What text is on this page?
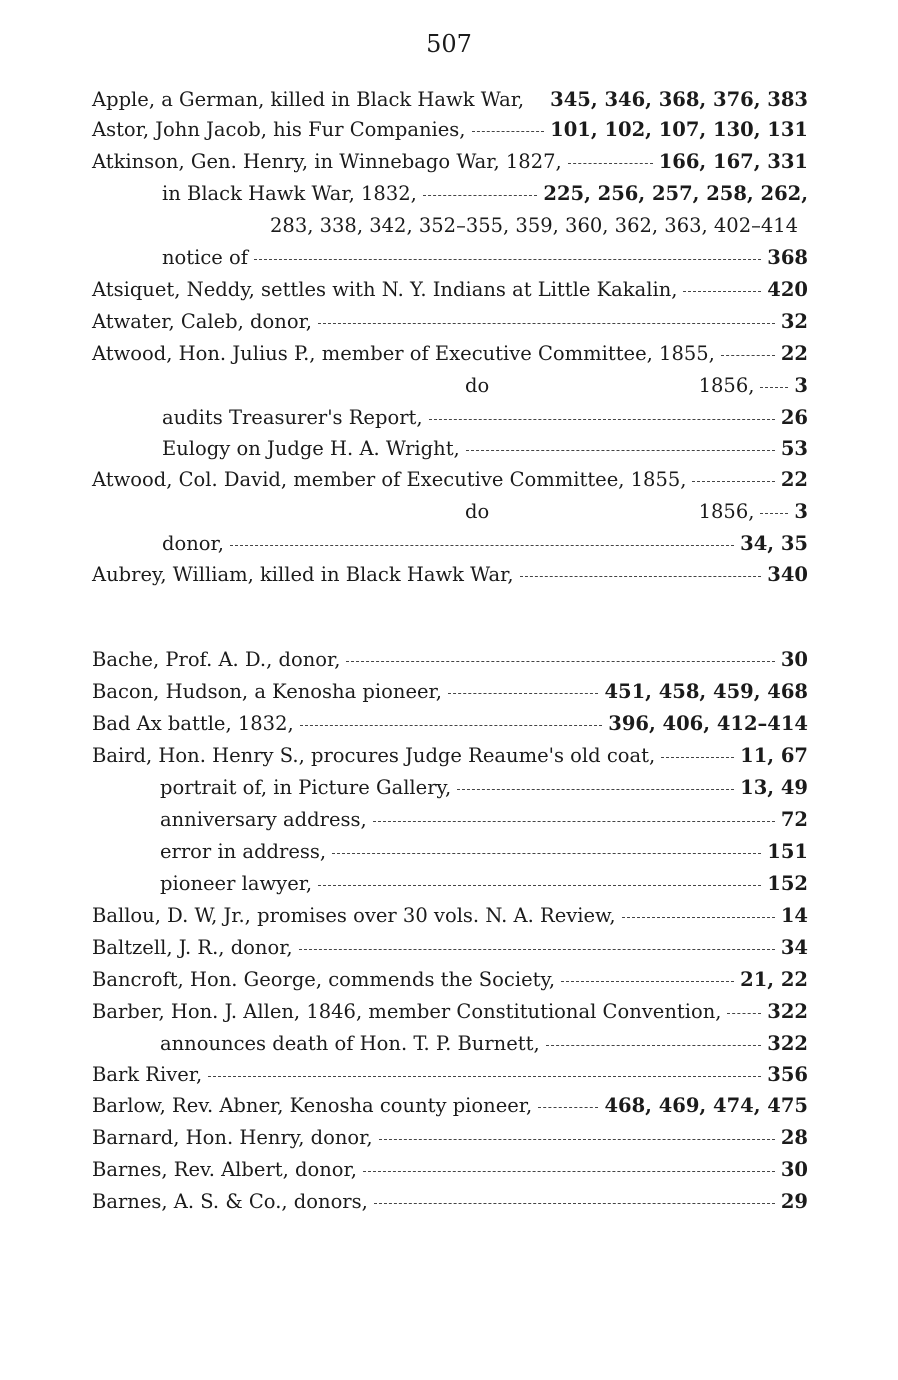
507
Apple, a German, killed in Black Hawk War,	345, 346, 368, 376, 383
Astor, John Jacob, his Fur Companies,	101, 102, 107, 130, 131
Atkinson, Gen. Henry, in Winnebago War, 1827,	166, 167, 331
in Black Hawk War, 1832,	225, 256, 257, 258, 262,
283, 338, 342, 352–355, 359, 360, 362, 363, 402–414
notice of	368
Atsiquet, Neddy, settles with N. Y. Indians at Little Kakalin,	420
Atwater, Caleb, donor,	32
Atwood, Hon. Julius P., member of Executive Committee, 1855,	22
do	1856, 3
audits Treasurer's Report,	26
Eulogy on Judge H. A. Wright,	53
Atwood, Col. David, member of Executive Committee, 1855,	22
do	1856, 3
donor,	34, 35
Aubrey, William, killed in Black Hawk War,	340
Bache, Prof. A. D., donor,	30
Bacon, Hudson, a Kenosha pioneer,	451, 458, 459, 468
Bad Ax battle, 1832,	396, 406, 412–414
Baird, Hon. Henry S., procures Judge Reaume's old coat,	11, 67
portrait of, in Picture Gallery,	13, 49
anniversary address,	72
error in address,	151
pioneer lawyer,	152
Ballou, D. W, Jr., promises over 30 vols. N. A. Review,	14
Baltzell, J. R., donor,	34
Bancroft, Hon. George, commends the Society,	21, 22
Barber, Hon. J. Allen, 1846, member Constitutional Convention, 322
announces death of Hon. T. P. Burnett,	322
Bark River,	356
Barlow, Rev. Abner, Kenosha county pioneer,	468, 469, 474, 475
Barnard, Hon. Henry, donor,	28
Barnes, Rev. Albert, donor,	30
Barnes, A. S. & Co., donors,	29
